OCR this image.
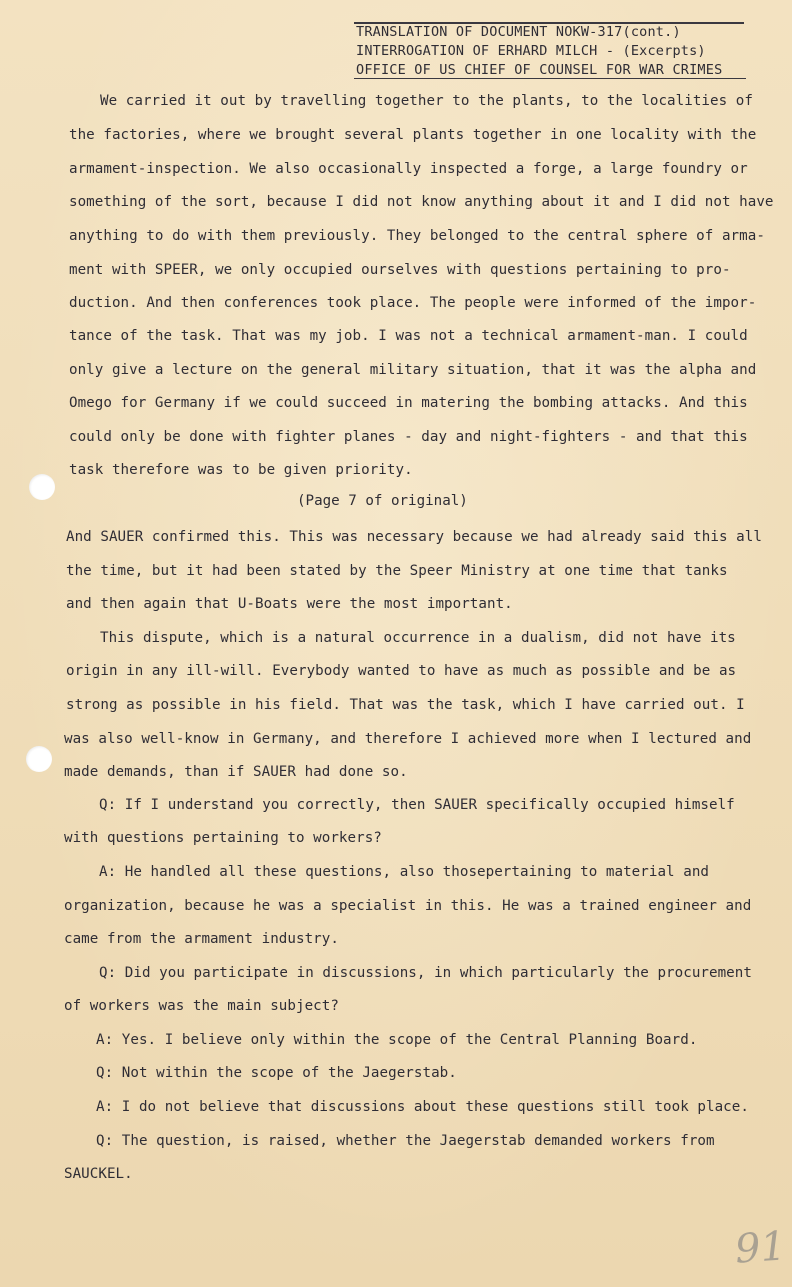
TRANSLATION OF DOCUMENT NOKW-317(cont.)
INTERROGATION OF ERHARD MILCH - (Excerpts)
OFFICE OF US CHIEF OF COUNSEL FOR WAR CRIMES
We carried it out by travelling together to the plants, to the localities of
the factories, where we brought several plants together in one locality with the
armament-inspection. We also occasionally inspected a forge, a large foundry or
something of the sort, because I did not know anything about it and I did not have
anything to do with them previously. They belonged to the central sphere of arma-
ment with SPEER, we only occupied ourselves with questions pertaining to pro-
duction. And then conferences took place. The people were informed of the impor-
tance of the task. That was my job. I was not a technical armament-man. I could
only give a lecture on the general military situation, that it was the alpha and
Omego for Germany if we could succeed in matering the bombing attacks. And this
could only be done with fighter planes - day and night-fighters - and that this
task therefore was to be given priority.
(Page 7 of original)
And SAUER confirmed this. This was necessary because we had already said this all
the time, but it had been stated by the Speer Ministry at one time that tanks
and then again that U-Boats were the most important.
This dispute, which is a natural occurrence in a dualism, did not have its
origin in any ill-will. Everybody wanted to have as much as possible and be as
strong as possible in his field. That was the task, which I have carried out. I
was also well-know in Germany, and therefore I achieved more when I lectured and
made demands, than if SAUER had done so.
Q: If I understand you correctly, then SAUER specifically occupied himself
with questions pertaining to workers?
A: He handled all these questions, also thosepertaining to material and
organization, because he was a specialist in this. He was a trained engineer and
came from the armament industry.
Q: Did you participate in discussions, in which particularly the procurement
of workers was the main subject?
A: Yes. I believe only within the scope of the Central Planning Board.
Q: Not within the scope of the Jaegerstab.
A: I do not believe that discussions about these questions still took place.
Q: The question, is raised, whether the Jaegerstab demanded workers from
SAUCKEL.
91
